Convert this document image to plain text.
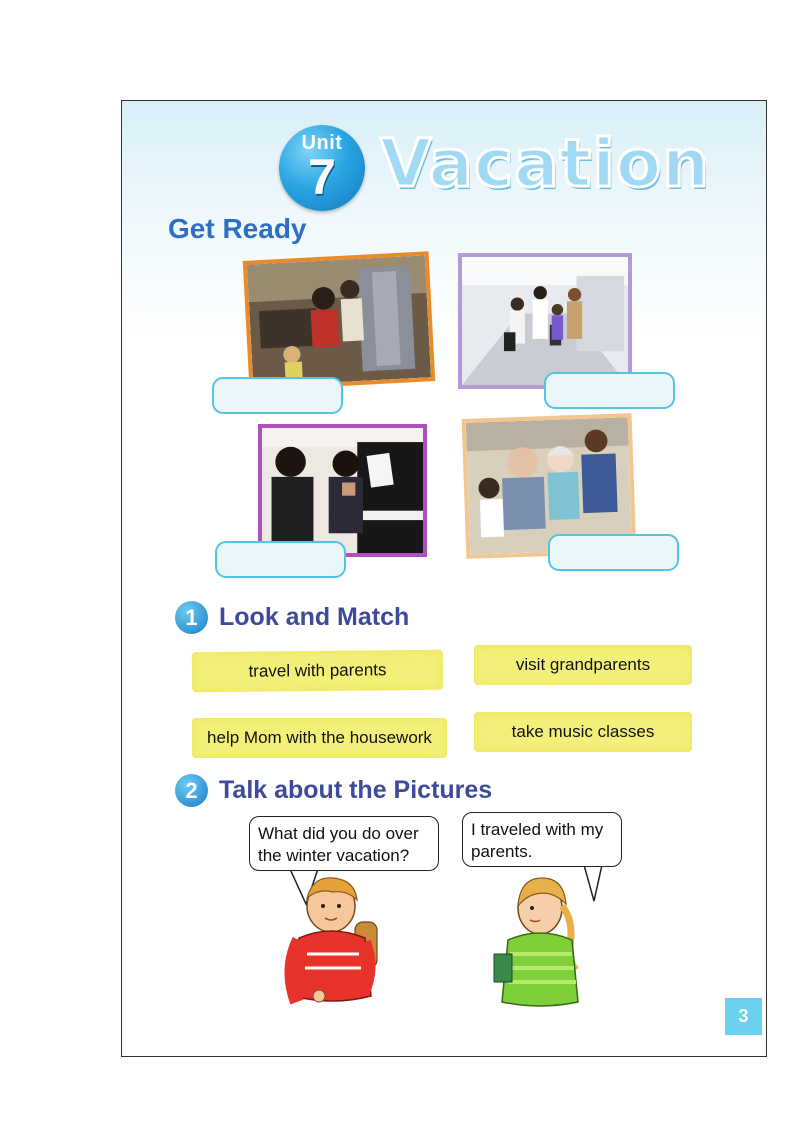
Unit
7 Vacation
Get Ready
1 Look and Match
travel with parents	visit grandparents
help Mom with the housework	take music classes
2 Talk about the Pictures
What did you do over
the winter vacation?
I traveled with my
parents.
3
